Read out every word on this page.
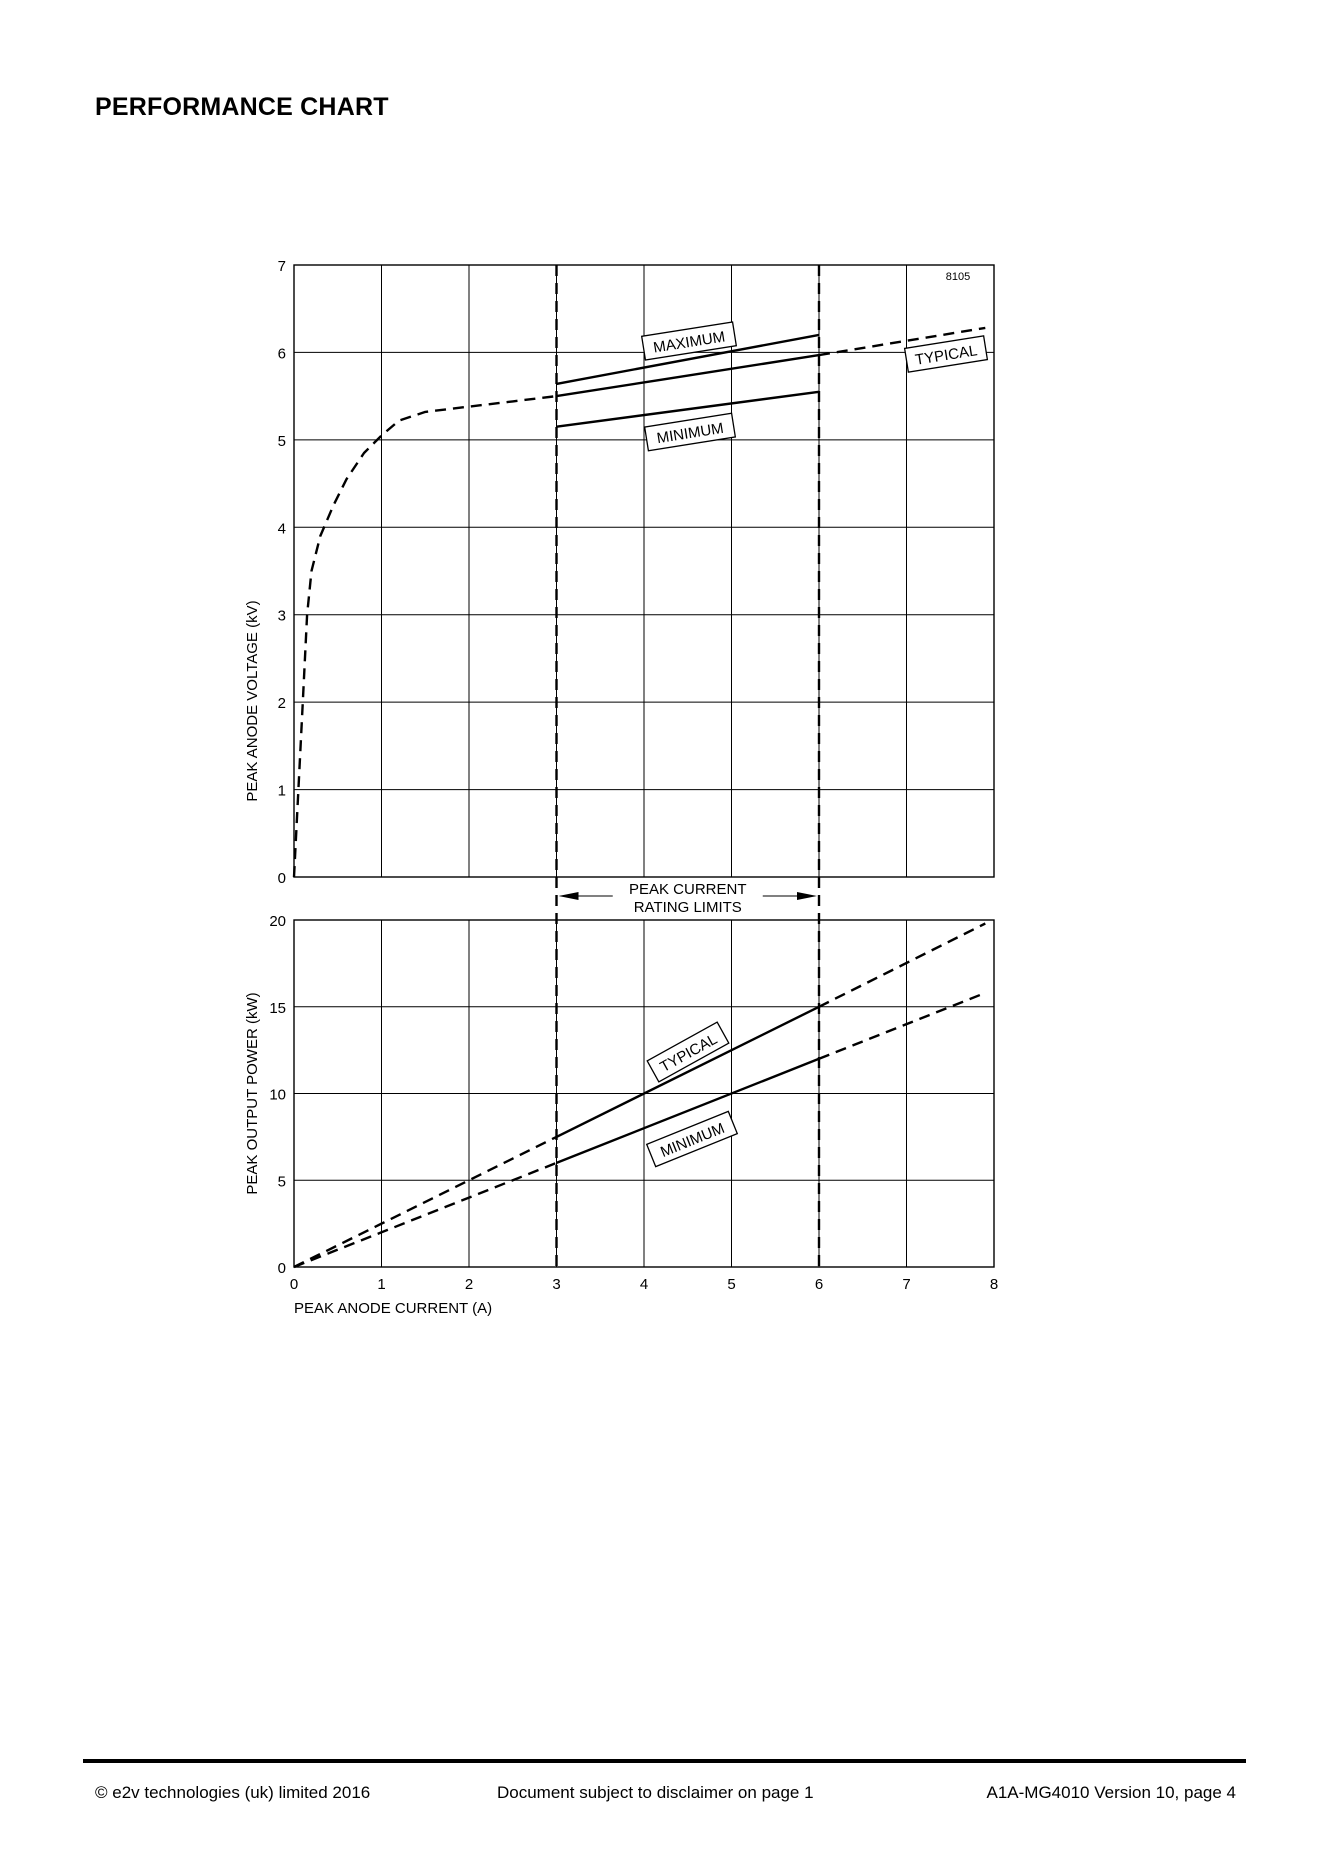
PERFORMANCE CHART
0
1
2
3
4
5
6
7
8105
PEAK ANODE VOLTAGE (kV)
0
5
10
15
20
0	1	2	3	4	5	6	7	8
PEAK ANODE CURRENT (A)
PEAK OUTPUT POWER (kW)
PEAK CURRENT
RATING LIMITS
MAXIMUM	TYPICAL
MINIMUM
TYPICAL
MINIMUM
© e2v technologies (uk) limited 2016	Document subject to disclaimer on page 1	A1A-MG4010 Version 10, page 4
